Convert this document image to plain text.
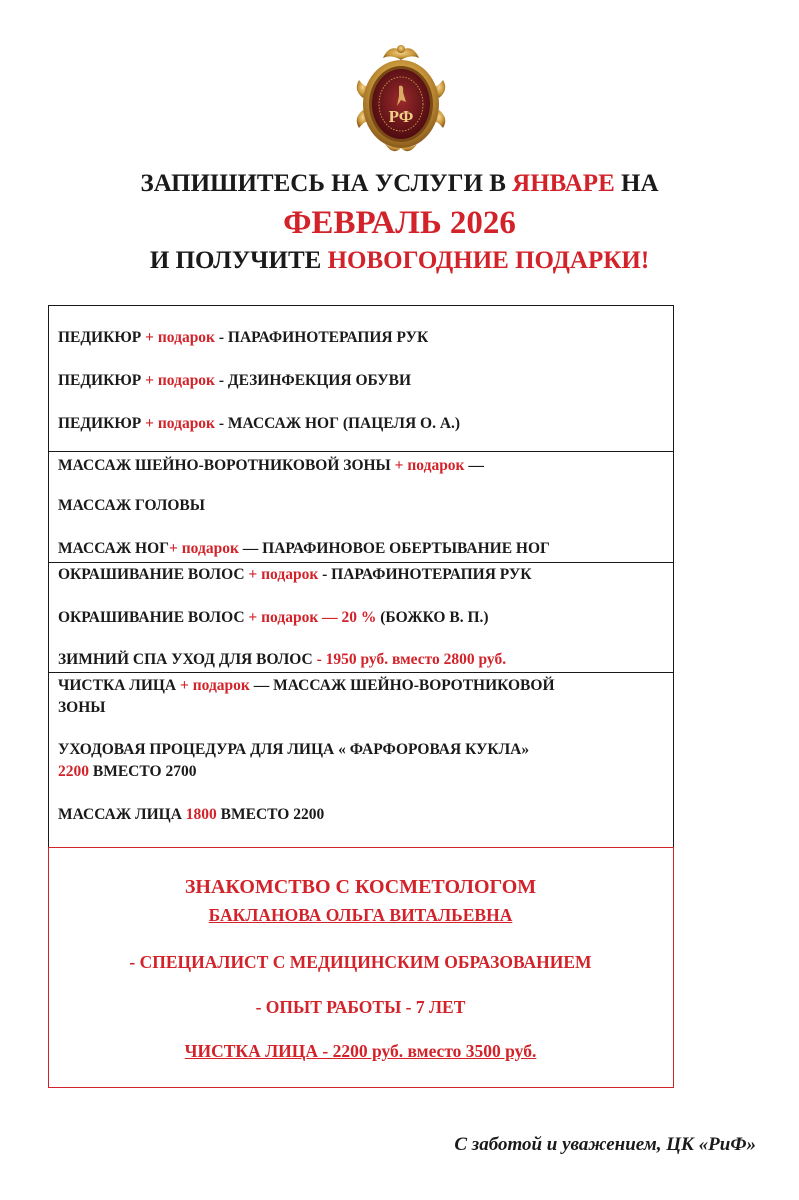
РФ
ЗАПИШИТЕСЬ НА УСЛУГИ В ЯНВАРЕ НА
ФЕВРАЛЬ 2026
И ПОЛУЧИТЕ НОВОГОДНИЕ ПОДАРКИ!
ПЕДИКЮР + подарок - ПАРАФИНОТЕРАПИЯ РУК
ПЕДИКЮР + подарок - ДЕЗИНФЕКЦИЯ ОБУВИ
ПЕДИКЮР + подарок - МАССАЖ НОГ (ПАЦЕЛЯ О. А.)
МАССАЖ ШЕЙНО-ВОРОТНИКОВОЙ ЗОНЫ + подарок —
МАССАЖ ГОЛОВЫ
МАССАЖ НОГ+ подарок — ПАРАФИНОВОЕ ОБЕРТЫВАНИЕ НОГ
ОКРАШИВАНИЕ ВОЛОС + подарок - ПАРАФИНОТЕРАПИЯ РУК
ОКРАШИВАНИЕ ВОЛОС + подарок — 20 % (БОЖКО В. П.)
ЗИМНИЙ СПА УХОД ДЛЯ ВОЛОС - 1950 руб. вместо 2800 руб.
ЧИСТКА ЛИЦА + подарок — МАССАЖ ШЕЙНО-ВОРОТНИКОВОЙ
ЗОНЫ
УХОДОВАЯ ПРОЦЕДУРА ДЛЯ ЛИЦА « ФАРФОРОВАЯ КУКЛА»
2200 ВМЕСТО 2700
МАССАЖ ЛИЦА 1800 ВМЕСТО 2200
ЗНАКОМСТВО С КОСМЕТОЛОГОМ
БАКЛАНОВА ОЛЬГА ВИТАЛЬЕВНА
- СПЕЦИАЛИСТ С МЕДИЦИНСКИМ ОБРАЗОВАНИЕМ
- ОПЫТ РАБОТЫ - 7 ЛЕТ
ЧИСТКА ЛИЦА - 2200 руб. вместо 3500 руб.
С заботой и уважением, ЦК «РиФ»
